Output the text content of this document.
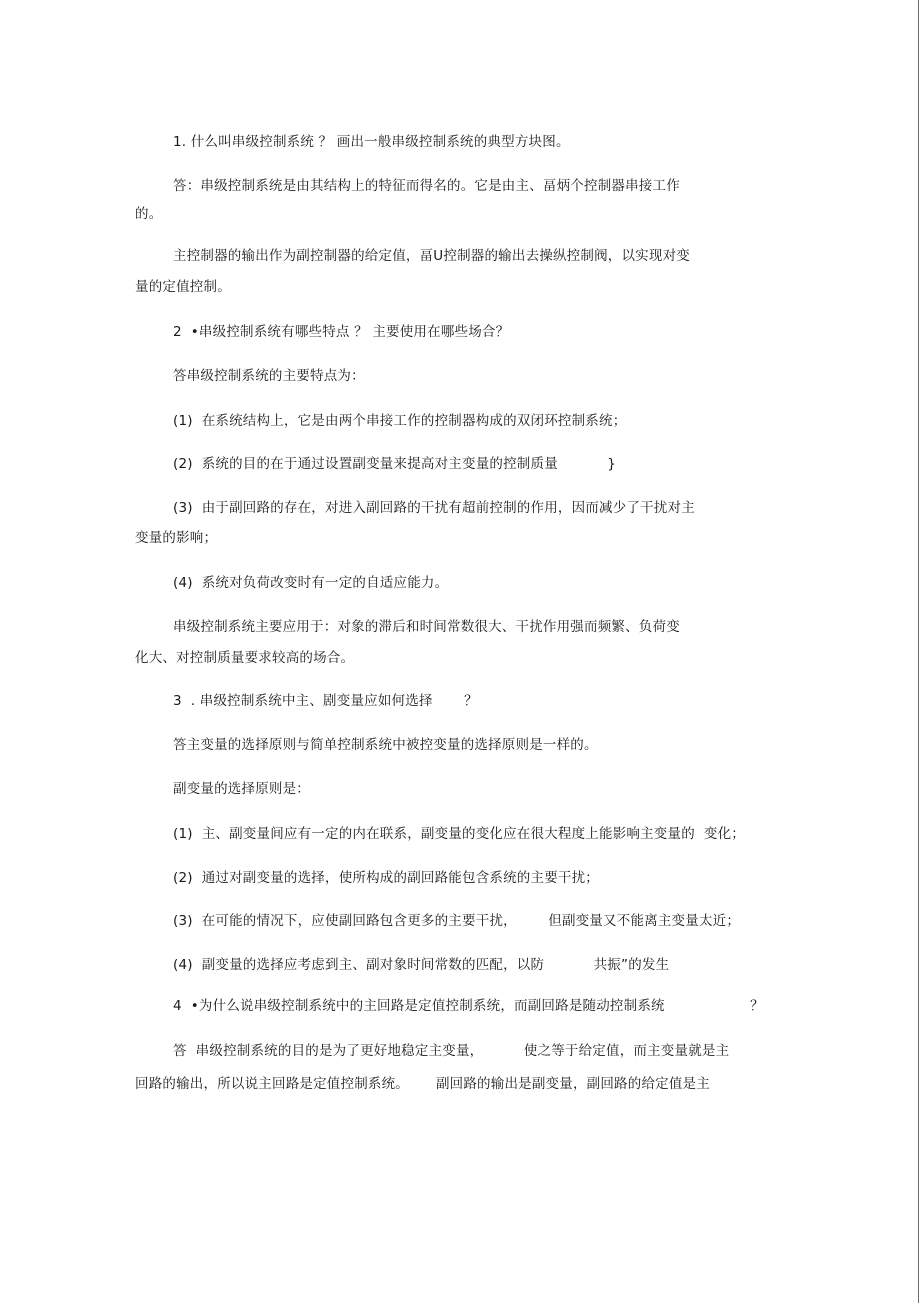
1. 什么叫串级控制系统 ？ 画出一般串级控制系统的典型方块图。
答：串级控制系统是由其结构上的特征而得名的。它是由主、畐炳个控制器串接工作
的。
主控制器的输出作为副控制器的给定值，畐U控制器的输出去操纵控制阀，以实现对变
量的定值控制。
2  •串级控制系统有哪些特点 ？ 主要使用在哪些场合？
答串级控制系统的主要特点为：
(1)  在系统结构上，它是由两个串接工作的控制器构成的双闭环控制系统；
(2)  系统的目的在于通过设置副变量来提高对主变量的控制质量           }
(3)  由于副回路的存在，对进入副回路的干扰有超前控制的作用，因而减少了干扰对主
变量的影响；
(4)  系统对负荷改变时有一定的自适应能力。
串级控制系统主要应用于：对象的滞后和时间常数很大、干扰作用强而频繁、负荷变
化大、对控制质量要求较高的场合。
3  . 串级控制系统中主、剧变量应如何选择       ？
答主变量的选择原则与简单控制系统中被控变量的选择原则是一样的。
副变量的选择原则是：
(1)  主、副变量间应有一定的内在联系，副变量的变化应在很大程度上能影响主变量的  变化；
(2)  通过对副变量的选择，使所构成的副回路能包含系统的主要干扰；
(3)  在可能的情况下，应使副回路包含更多的主要干扰，       但副变量又不能离主变量太近；
(4)  副变量的选择应考虑到主、副对象时间常数的匹配，以防           共振”的发生
4  •为什么说串级控制系统中的主回路是定值控制系统，而副回路是随动控制系统                   ？
答  串级控制系统的目的是为了更好地稳定主变量，         使之等于给定值，而主变量就是主
回路的输出，所以说主回路是定值控制系统。      副回路的输出是副变量，副回路的给定值是主
